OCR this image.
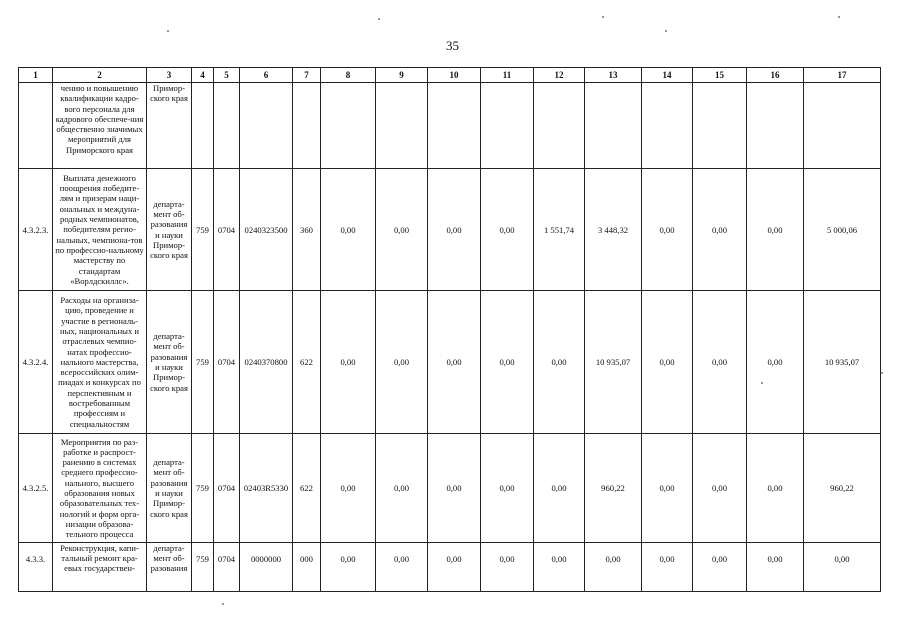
35
1	2	3	4	5	6	7	8	9	10	11	12	13	14	15	16	17
	чению и повышению квалификации кадро-вого персонала для кадрового обеспече-ния общественно значимых мероприятий для Приморского края	Примор-ского края														
4.3.2.3.	Выплата денежного поощрения победите-лям и призерам наци-ональных и междуна-родных чемпионатов, победителям регио-нальных, чемпиона-тов по профессио-нальному мастерству по стандартам «Ворлдскиллс».	департа-мент об-разования и науки Примор-ского края	759	0704	0240323500	360	0,00	0,00	0,00	0,00	1 551,74	3 448,32	0,00	0,00	0,00	5 000,06
4.3.2.4.	Расходы на организа-цию, проведение и участие в региональ-ных, национальных и отраслевых чемпио-натах профессио-нального мастерства, всероссийских олим-пиадах и конкурсах по перспективным и востребованным профессиям и специальностям	департа-мент об-разования и науки Примор-ского края	759	0704	0240370800	622	0,00	0,00	0,00	0,00	0,00	10 935,07	0,00	0,00	0,00	10 935,07
4.3.2.5.	Мероприятия по раз-работке и распрост-ранению в системах среднего профессио-нального, высшего образования новых образовательных тех-нологий и форм орга-низации образова-тельного процесса	департа-мент об-разования и науки Примор-ского края	759	0704	02403R5330	622	0,00	0,00	0,00	0,00	0,00	960,22	0,00	0,00	0,00	960,22
4.3.3.	Реконструкция, капи-тальный ремонт кра-евых государствен-	департа-мент об-разования	759	0704	0000000	000	0,00	0,00	0,00	0,00	0,00	0,00	0,00	0,00	0,00	0,00
